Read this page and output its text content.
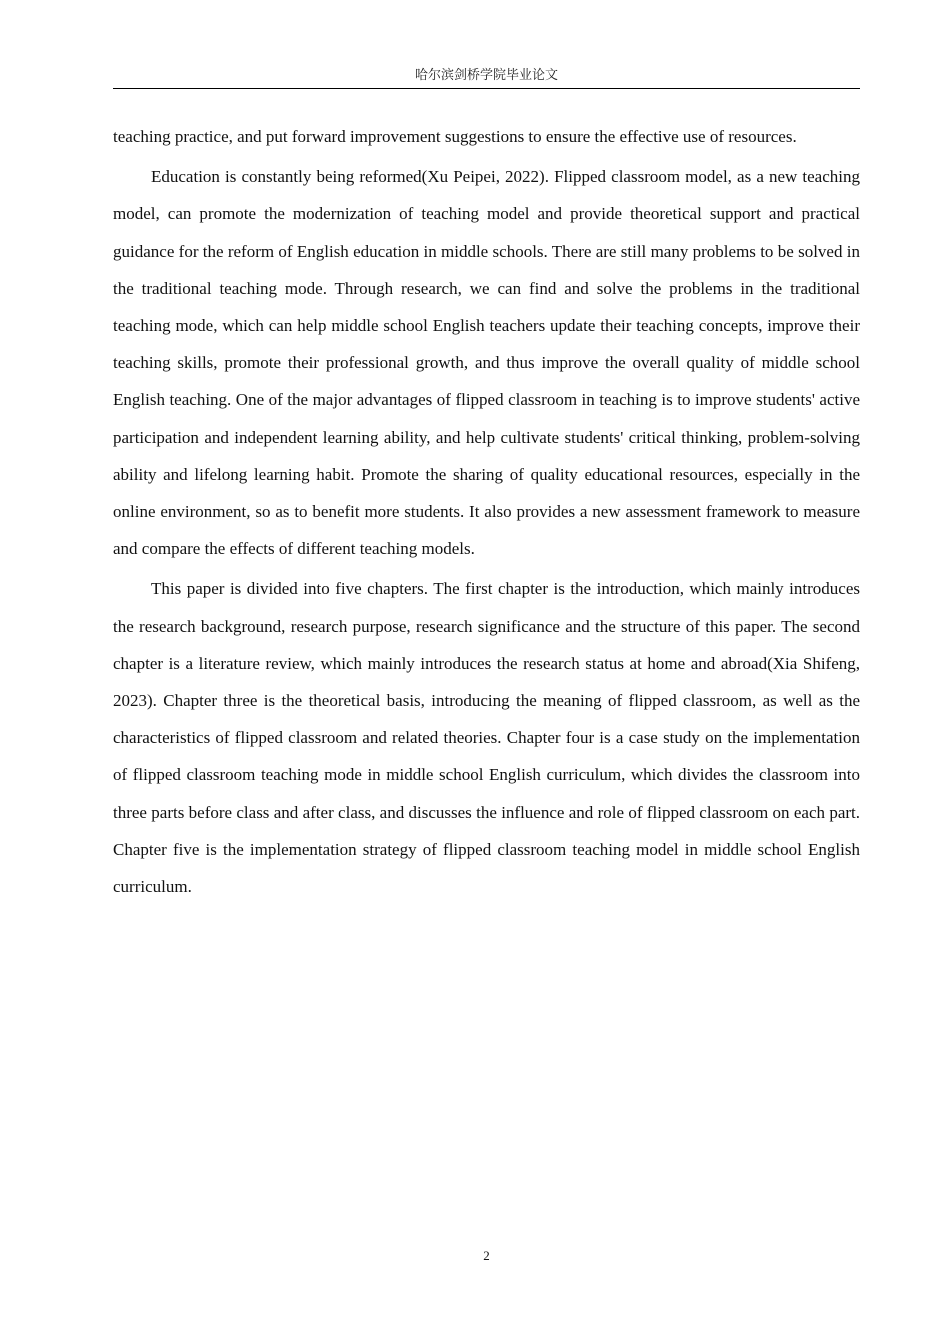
哈尔滨剑桥学院毕业论文

teaching practice, and put forward improvement suggestions to ensure the effective use of resources.

Education is constantly being reformed(Xu Peipei, 2022). Flipped classroom model, as a new teaching model, can promote the modernization of teaching model and provide theoretical support and practical guidance for the reform of English education in middle schools. There are still many problems to be solved in the traditional teaching mode. Through research, we can find and solve the problems in the traditional teaching mode, which can help middle school English teachers update their teaching concepts, improve their teaching skills, promote their professional growth, and thus improve the overall quality of middle school English teaching. One of the major advantages of flipped classroom in teaching is to improve students' active participation and independent learning ability, and help cultivate students' critical thinking, problem-solving ability and lifelong learning habit. Promote the sharing of quality educational resources, especially in the online environment, so as to benefit more students. It also provides a new assessment framework to measure and compare the effects of different teaching models.

This paper is divided into five chapters. The first chapter is the introduction, which mainly introduces the research background, research purpose, research significance and the structure of this paper. The second chapter is a literature review, which mainly introduces the research status at home and abroad(Xia Shifeng, 2023). Chapter three is the theoretical basis, introducing the meaning of flipped classroom, as well as the characteristics of flipped classroom and related theories. Chapter four is a case study on the implementation of flipped classroom teaching mode in middle school English curriculum, which divides the classroom into three parts before class and after class, and discusses the influence and role of flipped classroom on each part. Chapter five is the implementation strategy of flipped classroom teaching model in middle school English curriculum.

2
